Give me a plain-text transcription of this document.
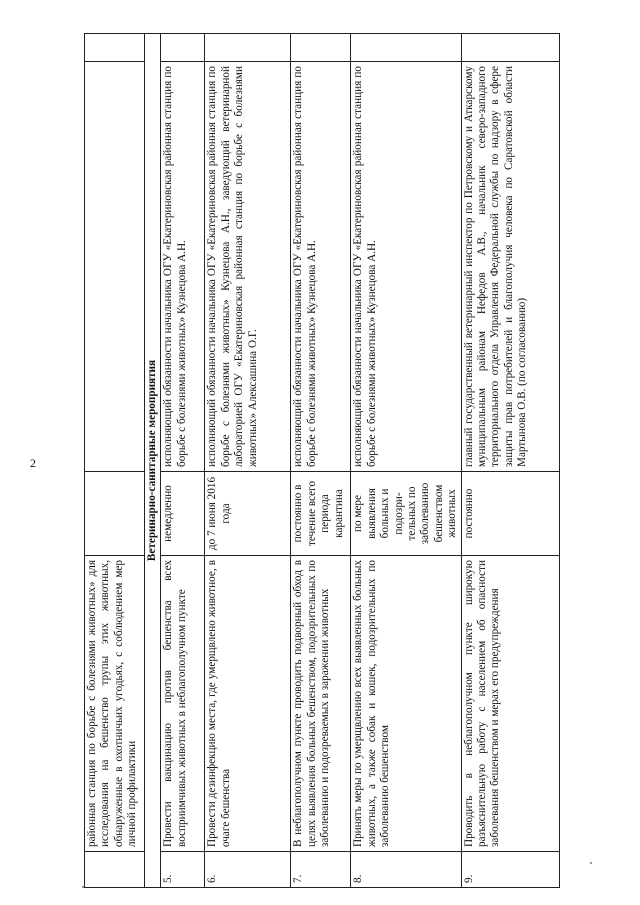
2
	районная станция по борьбе с болезнями животных» для исследования на бешенство трупы этих животных, обнаруженные в охотничьих угодьях, с соблюдением мер личной профилактики			
Ветеринарно-санитарные мероприятия				
5.	Провести вакцинацию против бешенства всех восприимчивых животных в неблагополучном пункте	немедленно	исполняющий обязанности начальника ОГУ «Екатериновская районная станция по борьбе с болезнями животных» Кузнецова А.Н.	
6.	Провести дезинфекцию места, где умерщвлено животное, в очаге бешенства	до 7 июня 2016 года	исполняющий обязанности начальника ОГУ «Екатериновская районная станция по борьбе с болезнями животных» Кузнецова А.Н., заведующий ветеринарной лабораторией ОГУ «Екатериновская районная станция по борьбе с болезнями животных» Алексашина О.Г.	
7.	В неблагополучном пункте проводить подворный обход в целях выявления больных бешенством, подозрительных по заболеванию и подозреваемых в заражении животных	постоянно в течение всего периода карантина	исполняющий обязанности начальника ОГУ «Екатериновская районная станция по борьбе с болезнями животных» Кузнецова А.Н.	
8.	Принять меры по умерщвлению всех выявленных больных животных, а также собак и кошек, подозрительных по заболеванию бешенством	по мере выявления больных и подозри-тельных по заболеванию бешенством животных	исполняющий обязанности начальника ОГУ «Екатериновская районная станция по борьбе с болезнями животных» Кузнецова А.Н.	
9.	Проводить в неблагополучном пункте широкую разъяснительную работу с населением об опасности заболевания бешенством и мерах его предупреждения	постоянно	главный государственный ветеринарный инспектор по Петровскому и Аткарскому муниципальным районам Нефедов А.В., начальник северо-западного территориального отдела Управления Федеральной службы по надзору в сфере защиты прав потребителей и благополучия человека по Саратовской области Мартынова О.В. (по согласованию)	
